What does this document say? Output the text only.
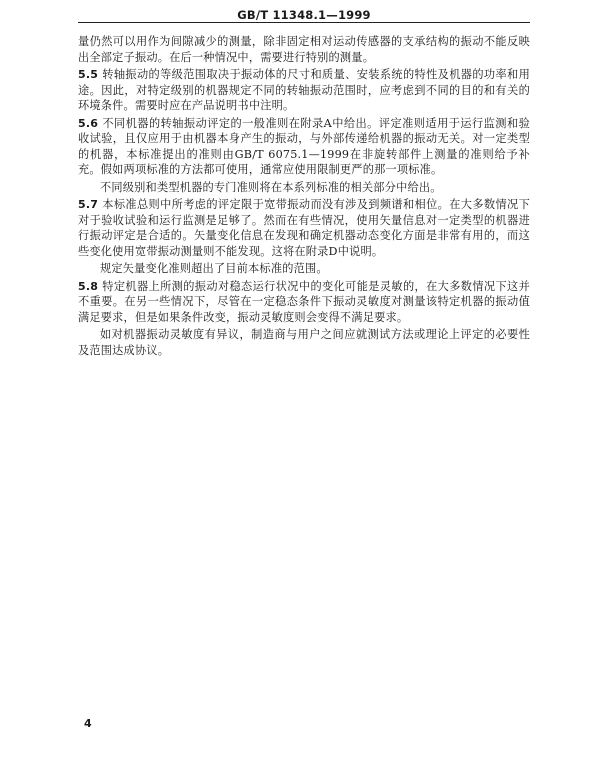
GB/T 11348.1—1999

量仍然可以用作为间隙减少的测量，除非固定相对运动传感器的支承结构的振动不能反映出全部定子振动。在后一种情况中，需要进行特别的测量。

5.5 转轴振动的等级范围取决于振动体的尺寸和质量、安装系统的特性及机器的功率和用途。因此，对特定级别的机器规定不同的转轴振动范围时，应考虑到不同的目的和有关的环境条件。需要时应在产品说明书中注明。

5.6 不同机器的转轴振动评定的一般准则在附录A中给出。评定准则适用于运行监测和验收试验，且仅应用于由机器本身产生的振动，与外部传递给机器的振动无关。对一定类型的机器，本标准提出的准则由GB/T 6075.1—1999在非旋转部件上测量的准则给予补充。假如两项标准的方法都可使用，通常应使用限制更严的那一项标准。

不同级别和类型机器的专门准则将在本系列标准的相关部分中给出。

5.7 本标准总则中所考虑的评定限于宽带振动而没有涉及到频谱和相位。在大多数情况下对于验收试验和运行监测是足够了。然而在有些情况，使用矢量信息对一定类型的机器进行振动评定是合适的。矢量变化信息在发现和确定机器动态变化方面是非常有用的，而这些变化使用宽带振动测量则不能发现。这将在附录D中说明。

规定矢量变化准则超出了目前本标准的范围。

5.8 特定机器上所测的振动对稳态运行状况中的变化可能是灵敏的，在大多数情况下这并不重要。在另一些情况下，尽管在一定稳态条件下振动灵敏度对测量该特定机器的振动值满足要求，但是如果条件改变，振动灵敏度则会变得不满足要求。

如对机器振动灵敏度有异议，制造商与用户之间应就测试方法或理论上评定的必要性及范围达成协议。

4
